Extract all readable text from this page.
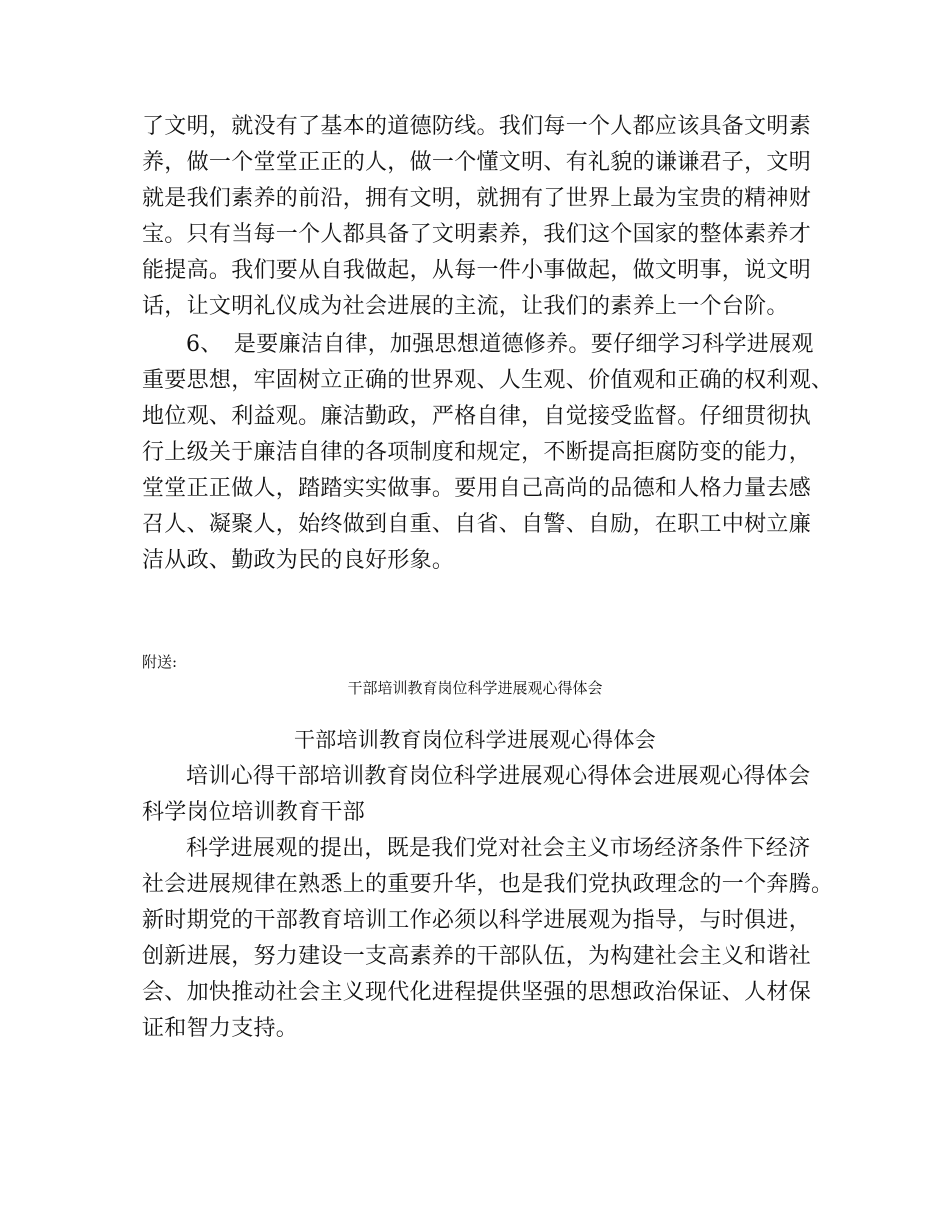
了文明，就没有了基本的道德防线。我们每一个人都应该具备文明素
养，做一个堂堂正正的人，做一个懂文明、有礼貌的谦谦君子，文明
就是我们素养的前沿，拥有文明，就拥有了世界上最为宝贵的精神财
宝。只有当每一个人都具备了文明素养，我们这个国家的整体素养才
能提高。我们要从自我做起，从每一件小事做起，做文明事，说文明
话，让文明礼仪成为社会进展的主流，让我们的素养上一个台阶。
6、　是要廉洁自律，加强思想道德修养。要仔细学习科学进展观
重要思想，牢固树立正确的世界观、人生观、价值观和正确的权利观、
地位观、利益观。廉洁勤政，严格自律，自觉接受监督。仔细贯彻执
行上级关于廉洁自律的各项制度和规定，不断提高拒腐防变的能力，
堂堂正正做人，踏踏实实做事。要用自己高尚的品德和人格力量去感
召人、凝聚人，始终做到自重、自省、自警、自励，在职工中树立廉
洁从政、勤政为民的良好形象。
附送:
干部培训教育岗位科学进展观心得体会
干部培训教育岗位科学进展观心得体会
培训心得干部培训教育岗位科学进展观心得体会进展观心得体会
科学岗位培训教育干部
科学进展观的提出，既是我们党对社会主义市场经济条件下经济
社会进展规律在熟悉上的重要升华，也是我们党执政理念的一个奔腾。
新时期党的干部教育培训工作必须以科学进展观为指导，与时俱进，
创新进展，努力建设一支高素养的干部队伍，为构建社会主义和谐社
会、加快推动社会主义现代化进程提供坚强的思想政治保证、人材保
证和智力支持。
